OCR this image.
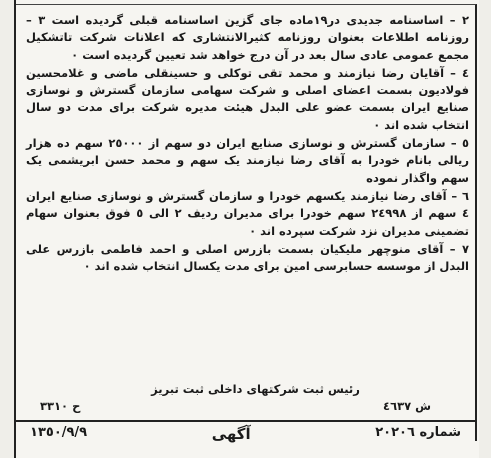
۲ – اساسنامه جدیدی در۱۹ماده جای گزین اساسنامه قبلی گردیده است ۳ – روزنامه اطلاعات بعنوان روزنامه کثیرالانتشاری که اعلانات شرکت تاتشکیل مجمع عمومی عادی سال بعد در آن درج خواهد شد تعیین گردیده است ٠

٤ – آقایان رضا نیازمند و محمد تقی توکلی و حسینقلی ماضی و غلامحسین فولادیون بسمت اعضای اصلی و شرکت سهامی سازمان گسترش و نوسازی صنایع ایران بسمت عضو علی البدل هیئت مدیره شرکت برای مدت دو سال انتخاب شده اند ٠

٥ – سازمان گسترش و نوسازی صنایع ایران دو سهم از ۲٥٠٠٠ سهم ده هزار ریالی بانام خودرا به آقای رضا نیازمند یک سهم و محمد حسن ابریشمی یک سهم واگذار نموده

٦ – آقای رضا نیازمند یکسهم خودرا و سازمان گسترش و نوسازی صنایع ایران ٤ سهم از ۲٤٩٩۸ سهم خودرا برای مدیران ردیف ۲ الی ٥ فوق بعنوان سهام تضمینی مدیران نزد شرکت سپرده اند ٠

۷ – آقای منوچهر ملیکیان بسمت بازرس اصلی و احمد فاطمی بازرس علی البدل از موسسه حسابرسی امین برای مدت یکسال انتخاب شده اند ٠

رئیس ثبت شرکتهای داخلی ثبت تبریز
ش ٤٦۳۷
ح ۳۳۱٠
شماره ۲٠۲٠٦
آگهی
۱۳٥٠/٩/٩
